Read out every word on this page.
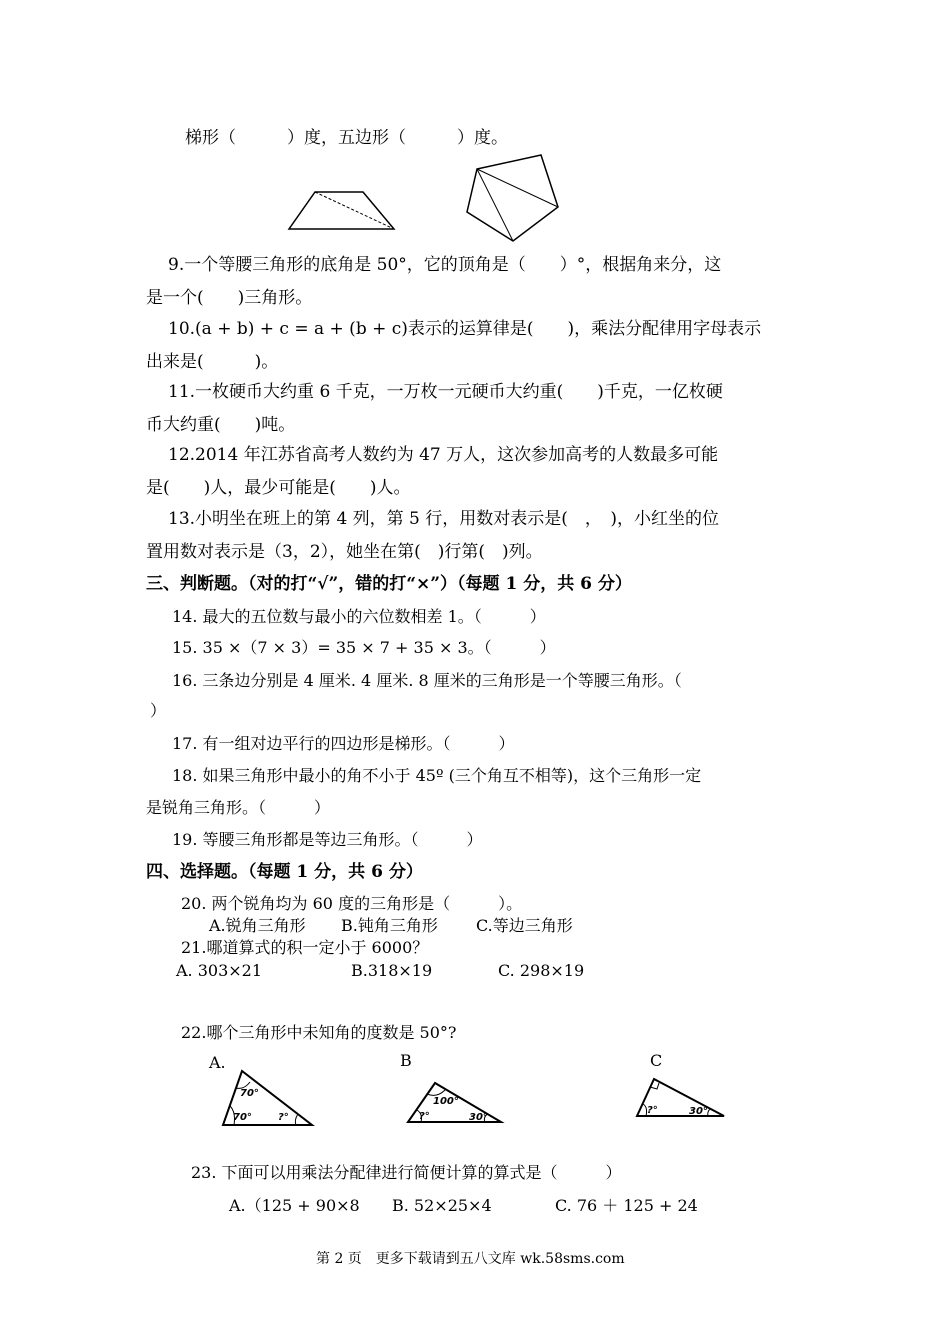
梯形（　　　）度，五边形（　　　）度。
9.一个等腰三角形的底角是 50°，它的顶角是（　　）°，根据角来分，这
是一个(　　)三角形。
10.(a + b) + c = a + (b + c)表示的运算律是(　　)，乘法分配律用字母表示
出来是(　　　)。
11.一枚硬币大约重 6 千克，一万枚一元硬币大约重(　　)千克，一亿枚硬
币大约重(　　)吨。
12.2014 年江苏省高考人数约为 47 万人，这次参加高考的人数最多可能
是(　　)人，最少可能是(　　)人。
13.小明坐在班上的第 4 列，第 5 行，用数对表示是(　，　)，小红坐的位
置用数对表示是（3，2），她坐在第(　)行第(　)列。
三、判断题。（对的打“√”，错的打“×”）（每题 1 分，共 6 分）
14. 最大的五位数与最小的六位数相差 1。（　　　）
15. 35 ×（7 × 3）= 35 × 7 + 35 × 3。（　　　）
16. 三条边分别是 4 厘米. 4 厘米. 8 厘米的三角形是一个等腰三角形。（
）
17. 有一组对边平行的四边形是梯形。（　　　）
18. 如果三角形中最小的角不小于 45º (三个角互不相等)，这个三角形一定
是锐角三角形。（　　　）
19. 等腰三角形都是等边三角形。（　　　）
四、选择题。（每题 1 分，共 6 分）
20. 两个锐角均为 60 度的三角形是（　　　）。
A.锐角三角形 B.钝角三角形 C.等边三角形
21.哪道算式的积一定小于 6000？
A. 303×21	B.318×19	C. 298×19
22.哪个三角形中未知角的度数是 50°?
A.	B	C
70°
70°	?°
100°
?°	30°
?°	30°
23. 下面可以用乘法分配律进行简便计算的算式是（　　　）
A.（125 + 90×8 B. 52×25×4	C. 76 ＋ 125 + 24
第 2 页　更多下载请到五八文库 wk.58sms.com
